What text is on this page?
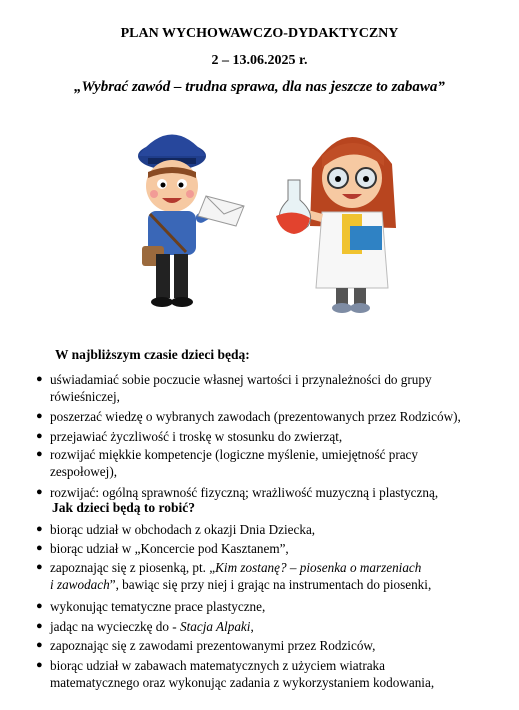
PLAN WYCHOWAWCZO-DYDAKTYCZNY
2 – 13.06.2025 r.
„Wybrać zawód – trudna sprawa, dla nas jeszcze to zabawa”
W najbliższym czasie dzieci będą:
● uświadamiać sobie poczucie własnej wartości i przynależności do grupy
rówieśniczej,
● poszerzać wiedzę o wybranych zawodach (prezentowanych przez Rodziców),
● przejawiać życzliwość i troskę w stosunku do zwierząt,
● rozwijać miękkie kompetencje (logiczne myślenie, umiejętność pracy
zespołowej),
● rozwijać: ogólną sprawność fizyczną; wrażliwość muzyczną i plastyczną,
Jak dzieci będą to robić?
● biorąc udział w obchodach z okazji Dnia Dziecka,
● biorąc udział w „Koncercie pod Kasztanem”,
● zapoznając się z piosenką, pt. „Kim zostanę? – piosenka o marzeniach
i zawodach”, bawiąc się przy niej i grając na instrumentach do piosenki,
● wykonując tematyczne prace plastyczne,
● jadąc na wycieczkę do - Stacja Alpaki,
● zapoznając się z zawodami prezentowanymi przez Rodziców,
● biorąc udział w zabawach matematycznych z użyciem wiatraka
matematycznego oraz wykonując zadania z wykorzystaniem kodowania,
